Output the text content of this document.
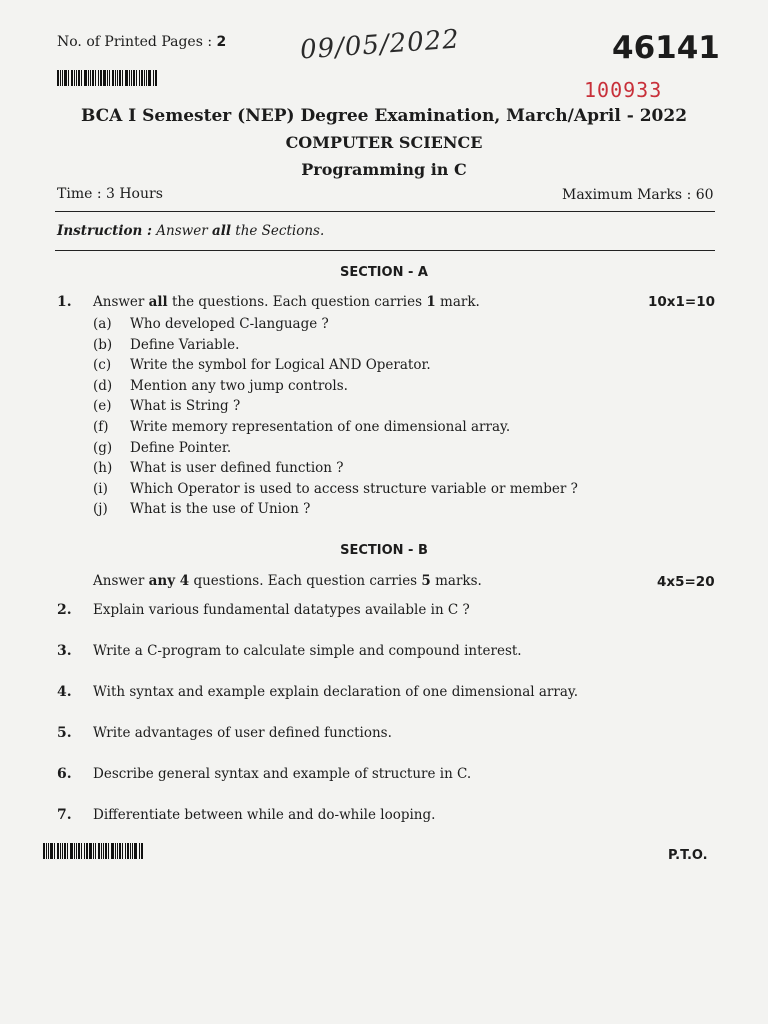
No. of Printed Pages : 2	09/05/2022	46141
100933
BCA I Semester (NEP) Degree Examination, March/April - 2022
COMPUTER SCIENCE
Programming in C
Time : 3 Hours	Maximum Marks : 60
Instruction : Answer all the Sections.
SECTION - A
1. Answer all the questions. Each question carries 1 mark.	10x1=10
(a) Who developed C-language ?
(b) Define Variable.
(c) Write the symbol for Logical AND Operator.
(d) Mention any two jump controls.
(e) What is String ?
(f) Write memory representation of one dimensional array.
(g) Define Pointer.
(h) What is user defined function ?
(i) Which Operator is used to access structure variable or member ?
(j) What is the use of Union ?
SECTION - B
Answer any 4 questions. Each question carries 5 marks.	4x5=20
2. Explain various fundamental datatypes available in C ?
3. Write a C-program to calculate simple and compound interest.
4. With syntax and example explain declaration of one dimensional array.
5. Write advantages of user defined functions.
6. Describe general syntax and example of structure in C.
7. Differentiate between while and do-while looping.
P.T.O.
